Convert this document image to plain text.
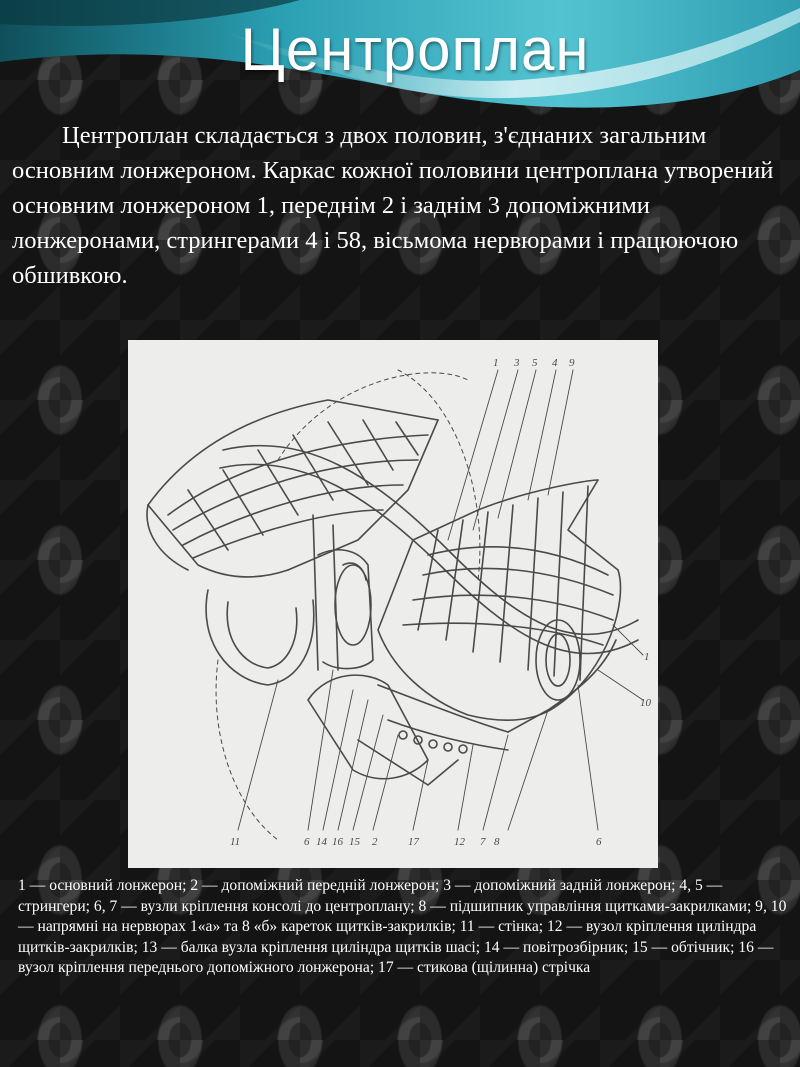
Центроплан

Центроплан складається з двох половин, з'єднаних загальним основним лонжероном. Каркас кожної половини центроплана утворений основним лонжероном 1, переднім 2 і заднім 3 допоміжними лонжеронами, стрингерами 4 і 58, вісьмома нервюрами і працюючою обшивкою.

1 3 5 4 9
11	6 14 16 15 2	17	12 7 8	6
1
10

1 — основний лонжерон; 2 — допоміжний передній лонжерон; 3 — допоміжний задній лонжерон; 4, 5 — стрингери; 6, 7 — вузли кріплення консолі до центроплану; 8 — підшипник управління щитками-закрилками; 9, 10 — напрямні на нервюрах 1«а» та 8 «б» кареток щитків-закрилків; 11 — стінка; 12 — вузол кріплення циліндра щитків-закрилків; 13 — балка вузла кріплення циліндра щитків шасі; 14 — повітрозбірник; 15 — обтічник; 16 — вузол кріплення переднього допоміжного лонжерона; 17 — стикова (щілинна) стрічка
